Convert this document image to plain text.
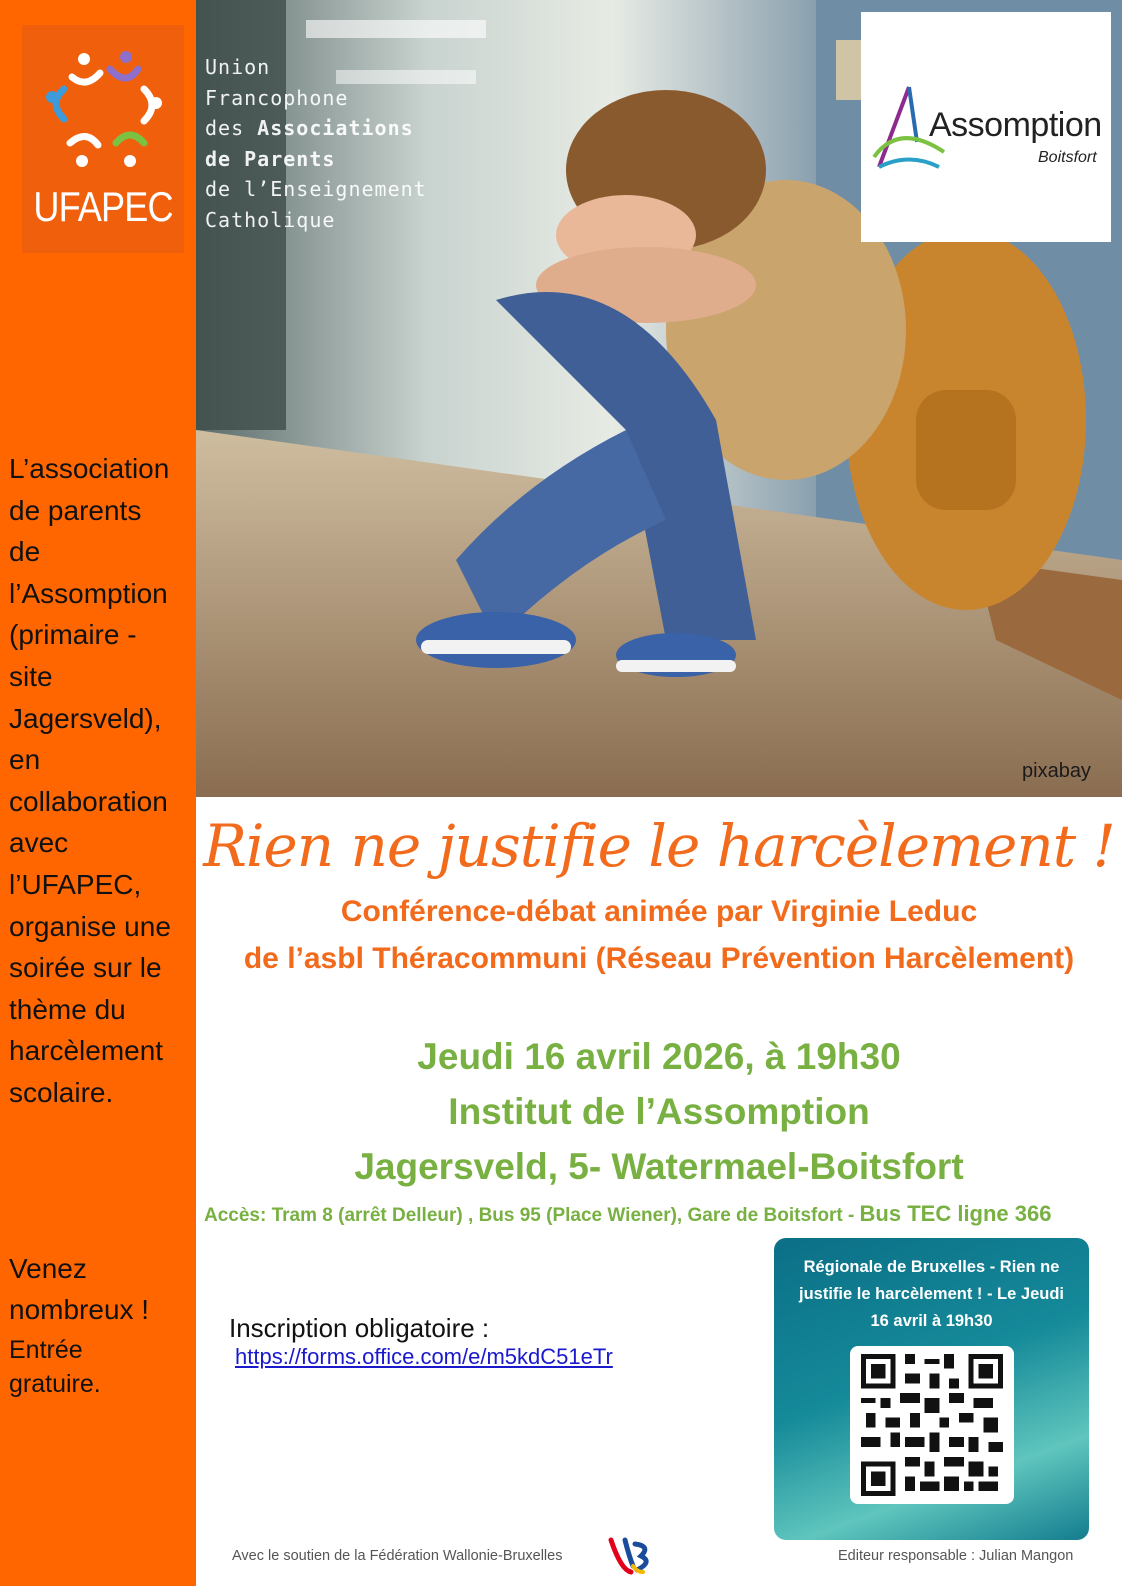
UFAPEC
L’association
de parents
de
l’Assomption
(primaire -
site
Jagersveld),
en
collaboration
avec
l’UFAPEC,
organise une
soirée sur le
thème du
harcèlement
scolaire.
Venez
nombreux !
Entrée
gratuire.
Union
Francophone
des Associations
de Parents
de l’Enseignement
Catholique
pixabay
Assomption
Boitsfort
Rien ne justifie le harcèlement !
Conférence-débat animée par Virginie Leduc
de l’asbl Théracommuni (Réseau Prévention Harcèlement)
Jeudi 16 avril 2026, à 19h30
Institut de l’Assomption
Jagersveld, 5- Watermael-Boitsfort
Accès: Tram 8 (arrêt Delleur) , Bus 95 (Place Wiener), Gare de Boitsfort - Bus TEC ligne 366
Inscription obligatoire :
https://forms.office.com/e/m5kdC51eTr
Régionale de Bruxelles - Rien ne
justifie le harcèlement ! - Le Jeudi
16 avril à 19h30
Avec le soutien de la Fédération Wallonie-Bruxelles	Editeur responsable : Julian Mangon
